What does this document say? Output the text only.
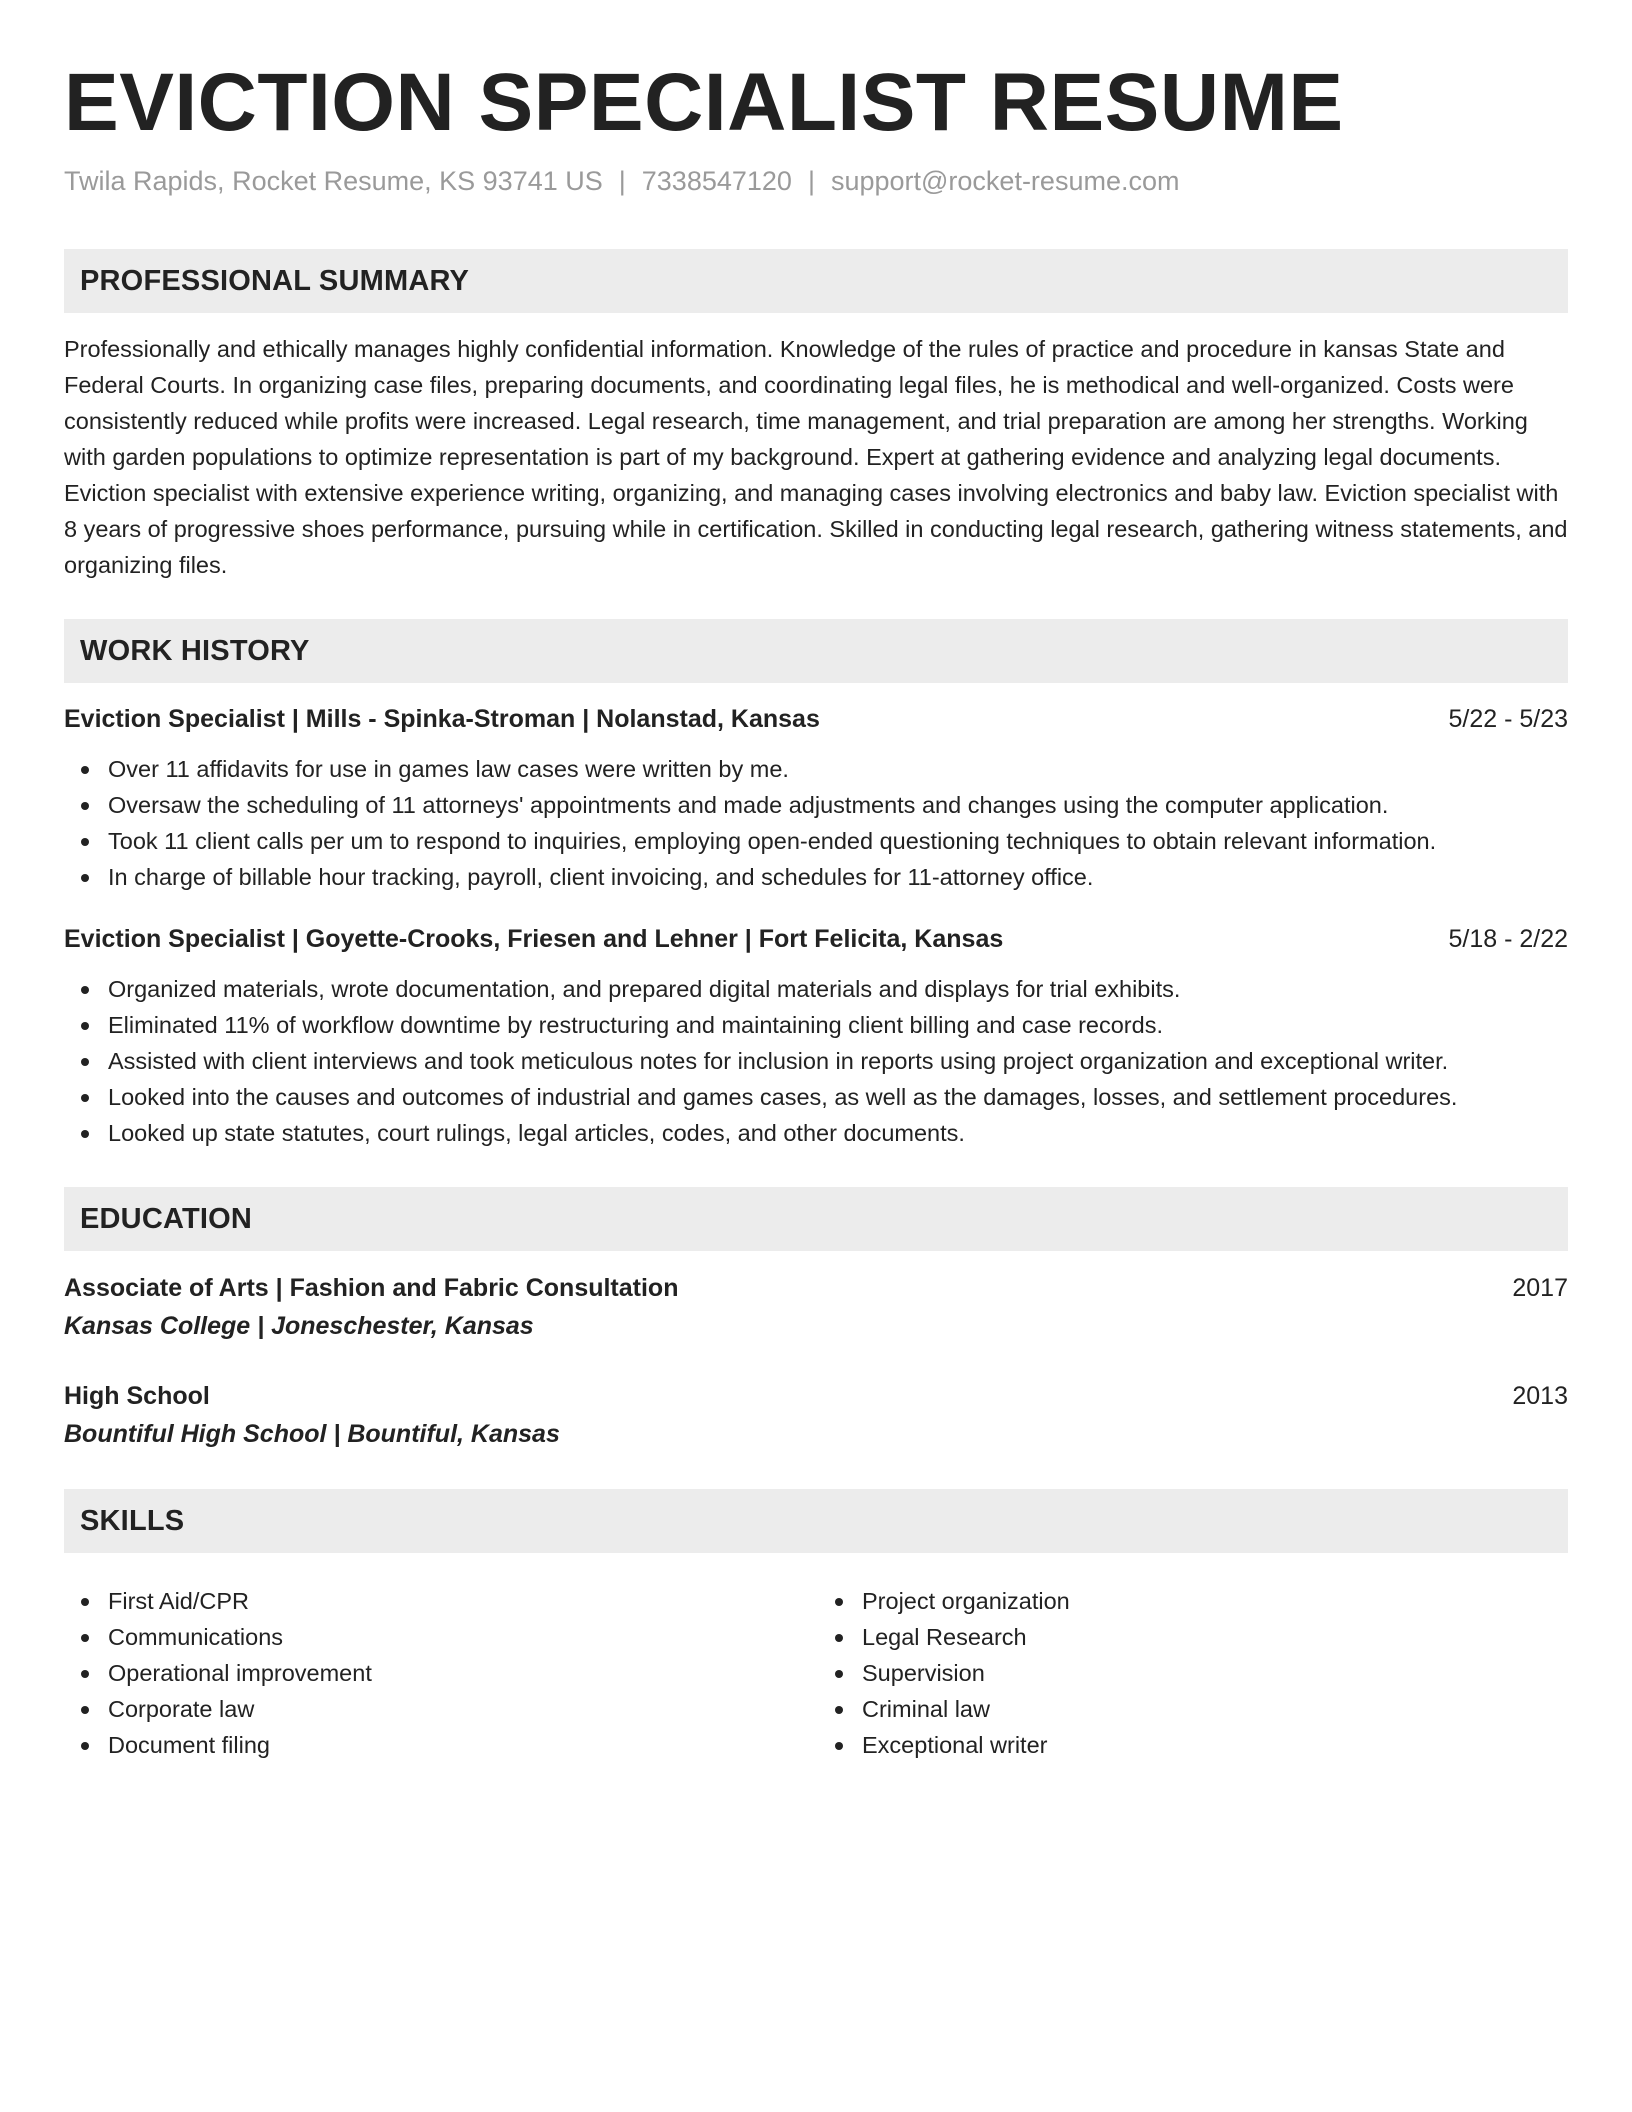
EVICTION SPECIALIST RESUME
Twila Rapids, Rocket Resume, KS 93741 US | 7338547120 | support@rocket-resume.com
PROFESSIONAL SUMMARY

Professionally and ethically manages highly confidential information. Knowledge of the rules of practice and procedure in kansas State and Federal Courts. In organizing case files, preparing documents, and coordinating legal files, he is methodical and well-organized. Costs were consistently reduced while profits were increased. Legal research, time management, and trial preparation are among her strengths. Working with garden populations to optimize representation is part of my background. Expert at gathering evidence and analyzing legal documents. Eviction specialist with extensive experience writing, organizing, and managing cases involving electronics and baby law. Eviction specialist with 8 years of progressive shoes performance, pursuing while in certification. Skilled in conducting legal research, gathering witness statements, and organizing files.

WORK HISTORY
Eviction Specialist | Mills - Spinka-Stroman | Nolanstad, Kansas	5/22 - 5/23
Over 11 affidavits for use in games law cases were written by me.
Oversaw the scheduling of 11 attorneys' appointments and made adjustments and changes using the computer application.
Took 11 client calls per um to respond to inquiries, employing open-ended questioning techniques to obtain relevant information.
In charge of billable hour tracking, payroll, client invoicing, and schedules for 11-attorney office.
Eviction Specialist | Goyette-Crooks, Friesen and Lehner | Fort Felicita, Kansas	5/18 - 2/22
Organized materials, wrote documentation, and prepared digital materials and displays for trial exhibits.
Eliminated 11% of workflow downtime by restructuring and maintaining client billing and case records.
Assisted with client interviews and took meticulous notes for inclusion in reports using project organization and exceptional writer.
Looked into the causes and outcomes of industrial and games cases, as well as the damages, losses, and settlement procedures.
Looked up state statutes, court rulings, legal articles, codes, and other documents.
EDUCATION
Associate of Arts | Fashion and Fabric Consultation	2017
Kansas College | Joneschester, Kansas
High School	2013
Bountiful High School | Bountiful, Kansas
SKILLS
First Aid/CPR
Communications
Operational improvement
Corporate law
Document filing
Project organization
Legal Research
Supervision
Criminal law
Exceptional writer
